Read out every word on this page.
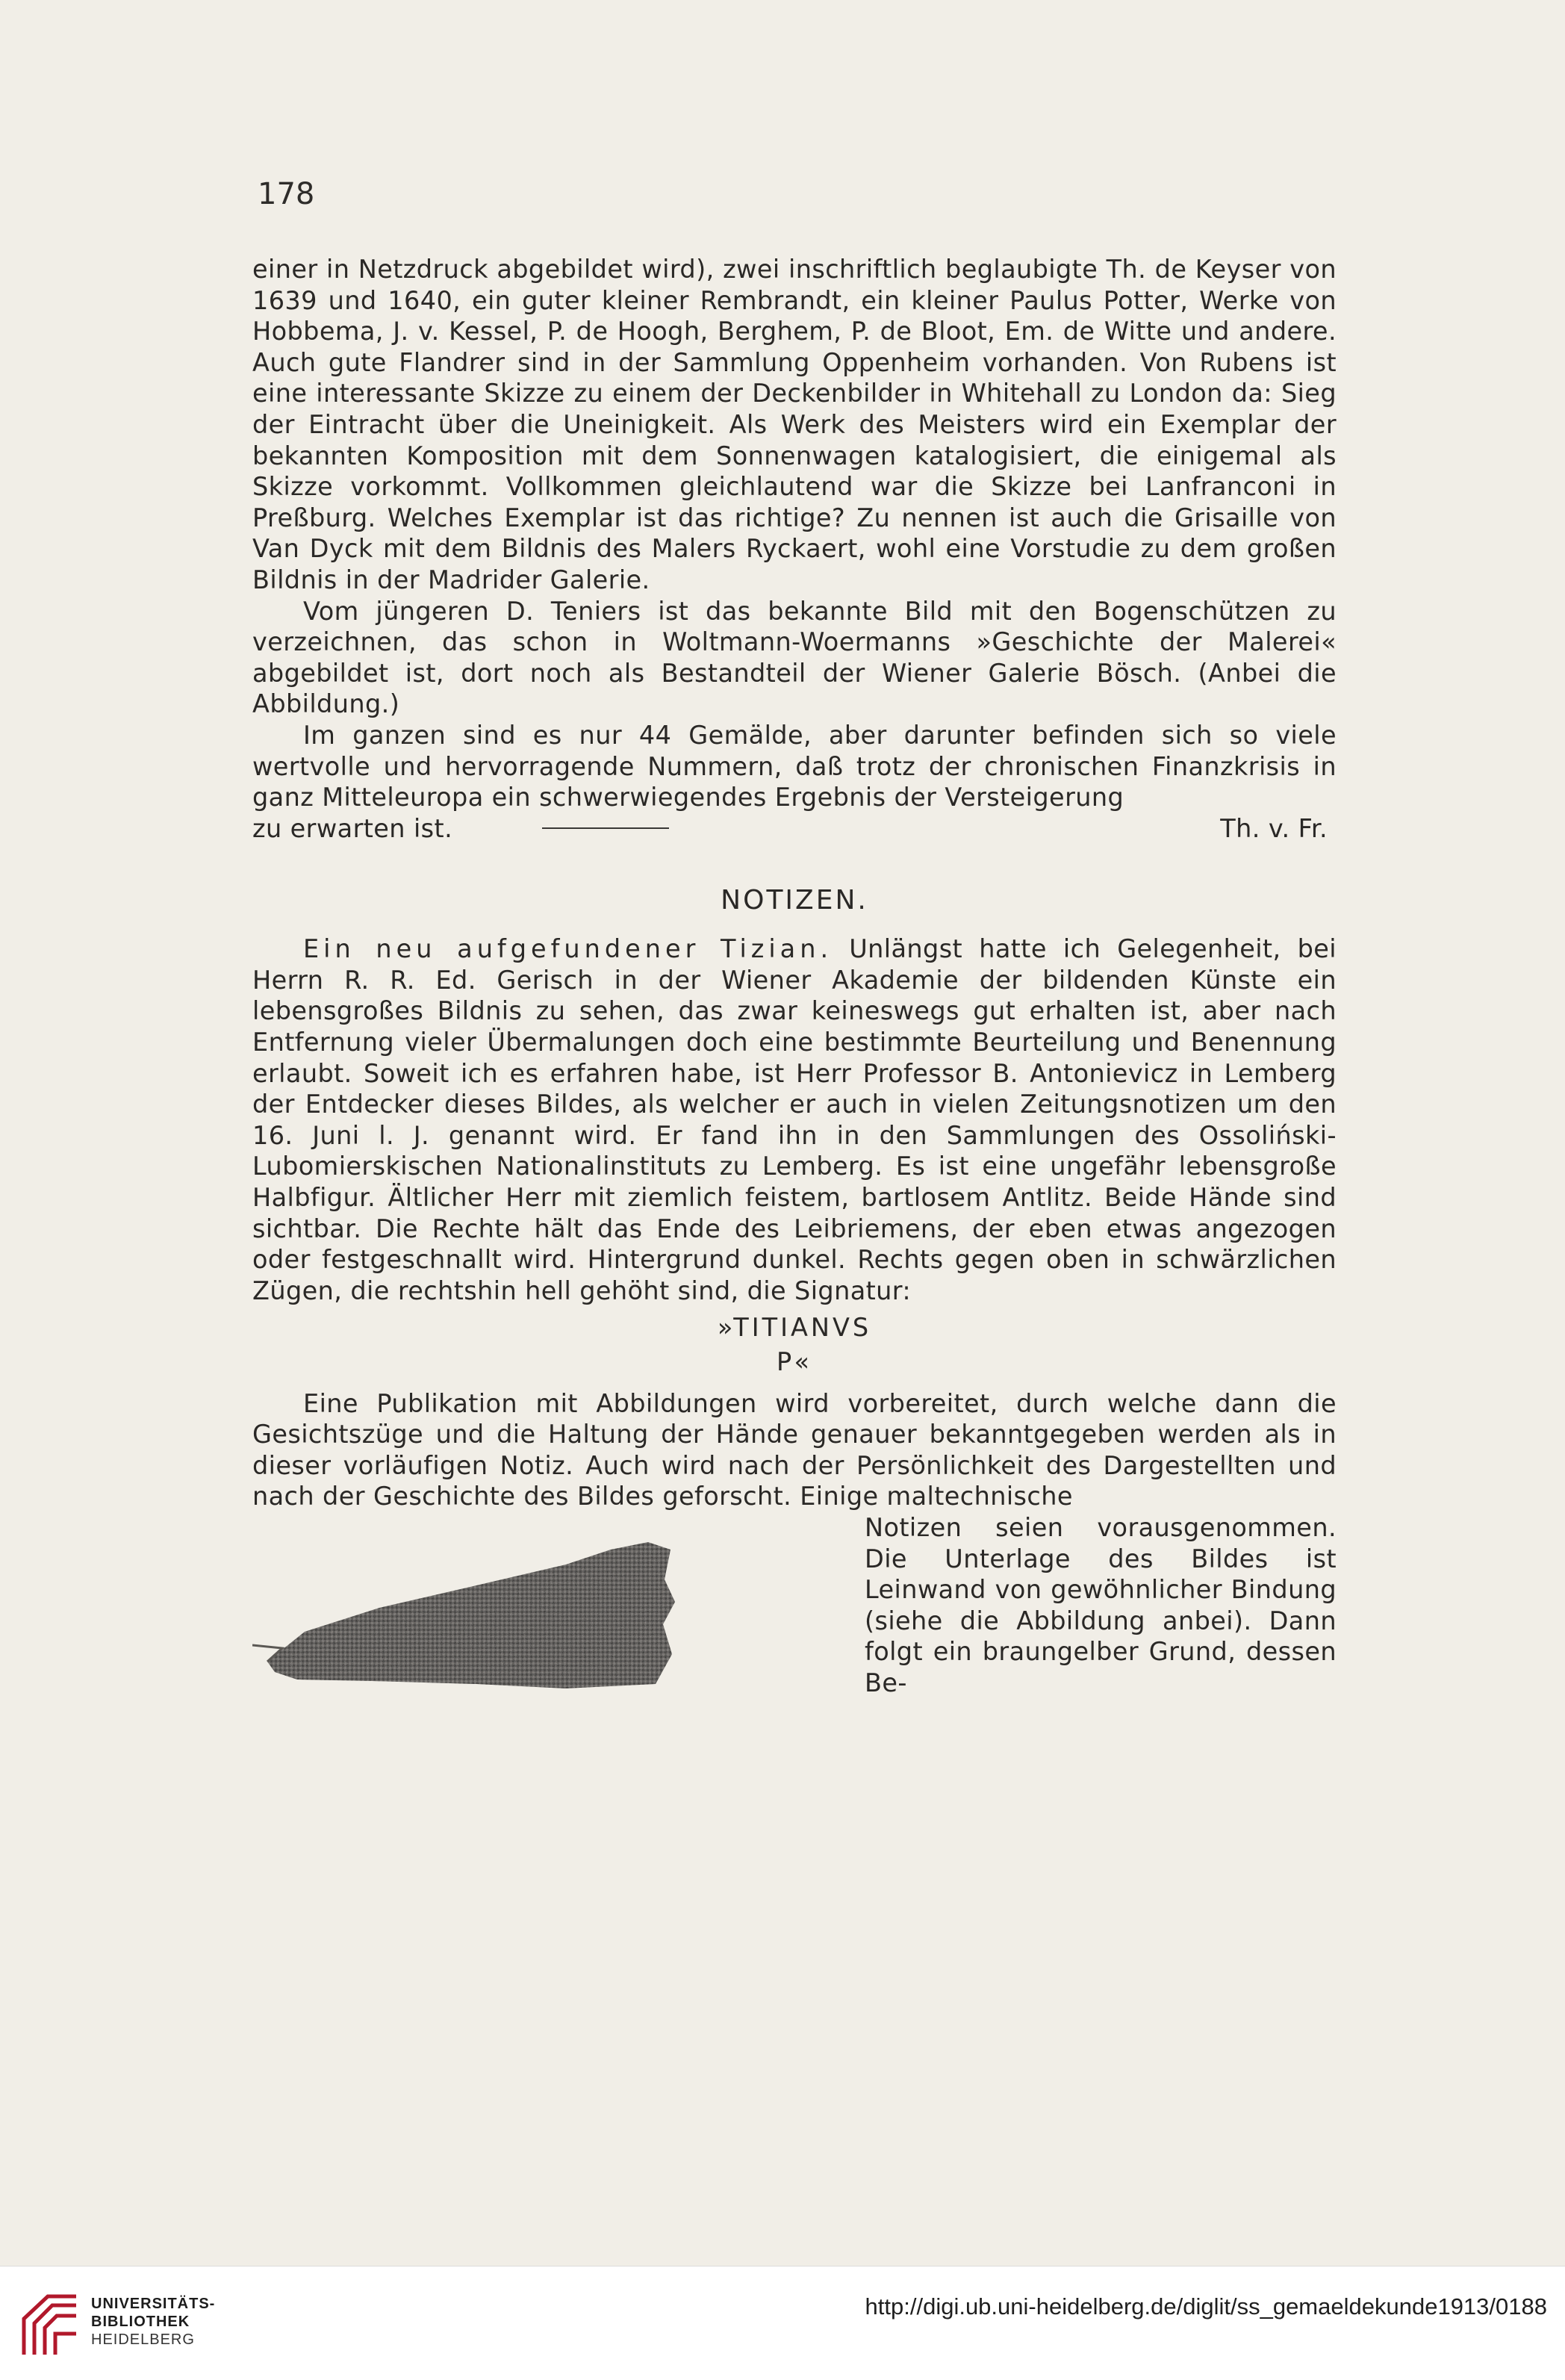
178

einer in Netzdruck abgebildet wird), zwei inschriftlich beglaubigte Th. de Keyser von 1639 und 1640, ein guter kleiner Rembrandt, ein kleiner Paulus Potter, Werke von Hobbema, J. v. Kessel, P. de Hoogh, Berghem, P. de Bloot, Em. de Witte und andere. Auch gute Flandrer sind in der Sammlung Oppenheim vorhanden. Von Rubens ist eine interessante Skizze zu einem der Deckenbilder in Whitehall zu London da: Sieg der Eintracht über die Uneinigkeit. Als Werk des Meisters wird ein Exemplar der bekannten Komposition mit dem Sonnenwagen katalogisiert, die einigemal als Skizze vorkommt. Vollkommen gleichlautend war die Skizze bei Lanfranconi in Preßburg. Welches Exemplar ist das richtige? Zu nennen ist auch die Grisaille von Van Dyck mit dem Bildnis des Malers Ryckaert, wohl eine Vorstudie zu dem großen Bildnis in der Madrider Galerie.

Vom jüngeren D. Teniers ist das bekannte Bild mit den Bogenschützen zu verzeichnen, das schon in Woltmann-Woermanns »Geschichte der Malerei« abgebildet ist, dort noch als Bestandteil der Wiener Galerie Bösch. (Anbei die Abbildung.)

Im ganzen sind es nur 44 Gemälde, aber darunter befinden sich so viele wertvolle und hervorragende Nummern, daß trotz der chronischen Finanzkrisis in ganz Mitteleuropa ein schwerwiegendes Ergebnis der Versteigerung

zu erwarten ist.	Th. v. Fr.
NOTIZEN.

Ein neu aufgefundener Tizian. Unlängst hatte ich Gelegenheit, bei Herrn R. R. Ed. Gerisch in der Wiener Akademie der bildenden Künste ein lebensgroßes Bildnis zu sehen, das zwar keineswegs gut erhalten ist, aber nach Entfernung vieler Übermalungen doch eine bestimmte Beurteilung und Benennung erlaubt. Soweit ich es erfahren habe, ist Herr Professor B. Antonievicz in Lemberg der Entdecker dieses Bildes, als welcher er auch in vielen Zeitungsnotizen um den 16. Juni l. J. genannt wird. Er fand ihn in den Sammlungen des Ossoliński-Lubomierskischen Nationalinstituts zu Lemberg. Es ist eine ungefähr lebensgroße Halbfigur. Ältlicher Herr mit ziemlich feistem, bartlosem Antlitz. Beide Hände sind sichtbar. Die Rechte hält das Ende des Leibriemens, der eben etwas angezogen oder festgeschnallt wird. Hintergrund dunkel. Rechts gegen oben in schwärzlichen Zügen, die rechtshin hell gehöht sind, die Signatur:

»TITIANVS
P«

Eine Publikation mit Abbildungen wird vorbereitet, durch welche dann die Gesichtszüge und die Haltung der Hände genauer bekanntgegeben werden als in dieser vorläufigen Notiz. Auch wird nach der Persönlichkeit des Dargestellten und nach der Geschichte des Bildes geforscht. Einige maltechnische

Notizen seien vorausgenommen. Die Unterlage des Bildes ist Leinwand von gewöhnlicher Bindung (siehe die Abbildung anbei). Dann folgt ein braungelber Grund, dessen Be-

UNIVERSITÄTS-
BIBLIOTHEK
HEIDELBERG
http://digi.ub.uni-heidelberg.de/diglit/ss_gemaeldekunde1913/0188
